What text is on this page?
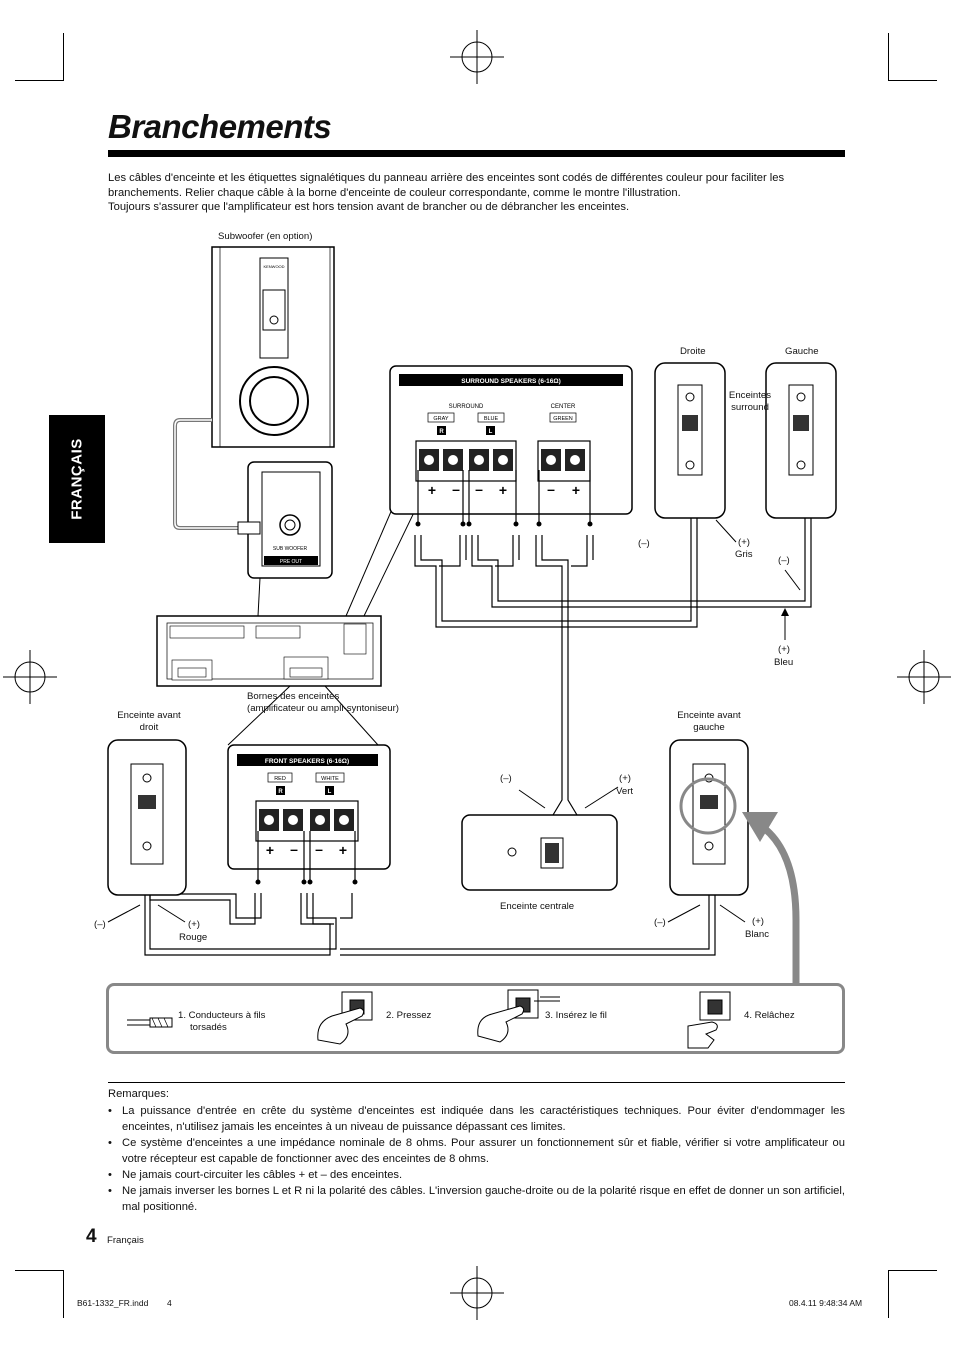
Branchements

Les câbles d'enceinte et les étiquettes signalétiques du panneau arrière des enceintes sont codés de différentes couleur pour faciliter les branchements. Relier chaque câble à la borne d'enceinte de couleur correspondante, comme le montre l'illustration.

Toujours s'assurer que l'amplificateur est hors tension avant de brancher ou de débrancher les enceintes.

FRANÇAIS
KENWOOD
SUB WOOFER
PRE OUT
SURROUND SPEAKERS (6-16Ω)
SURROUND	CENTER
GRAY	BLUE	GREEN
R	L
+ – – +	– +
FRONT SPEAKERS (6-16Ω)
RED	WHITE
R	L
+ – – +
Subwoofer (en option)
Droite	Gauche
Enceintes surround
(–)	(+)
Gris
(–)
(+)
Bleu
Bornes des enceintes
(amplificateur ou ampli-syntoniseur)
Enceinte avant droit
Enceinte avant gauche
(–)	(+)
Vert
Enceinte centrale
(–)	(+)
Rouge
(–)	(+)
Blanc
1. Conducteurs à fils
torsadés
2. Pressez	3. Insérez le fil	4. Relâchez
Remarques:
• La puissance d'entrée en crête du système d'enceintes est indiquée dans les caractéristiques techniques. Pour éviter d'endommager les enceintes, n'utilisez jamais les enceintes à un niveau de puissance dépassant ces limites.
• Ce système d'enceintes a une impédance nominale de 8 ohms. Pour assurer un fonctionnement sûr et fiable, vérifier si votre amplificateur ou votre récepteur est capable de fonctionner avec des enceintes de 8 ohms.
• Ne jamais court-circuiter les câbles + et – des enceintes.
• Ne jamais inverser les bornes L et R ni la polarité des câbles. L'inversion gauche-droite ou de la polarité risque en effet de donner un son artificiel, mal positionné.
4 Français
B61-1332_FR.indd 4	08.4.11 9:48:34 AM
